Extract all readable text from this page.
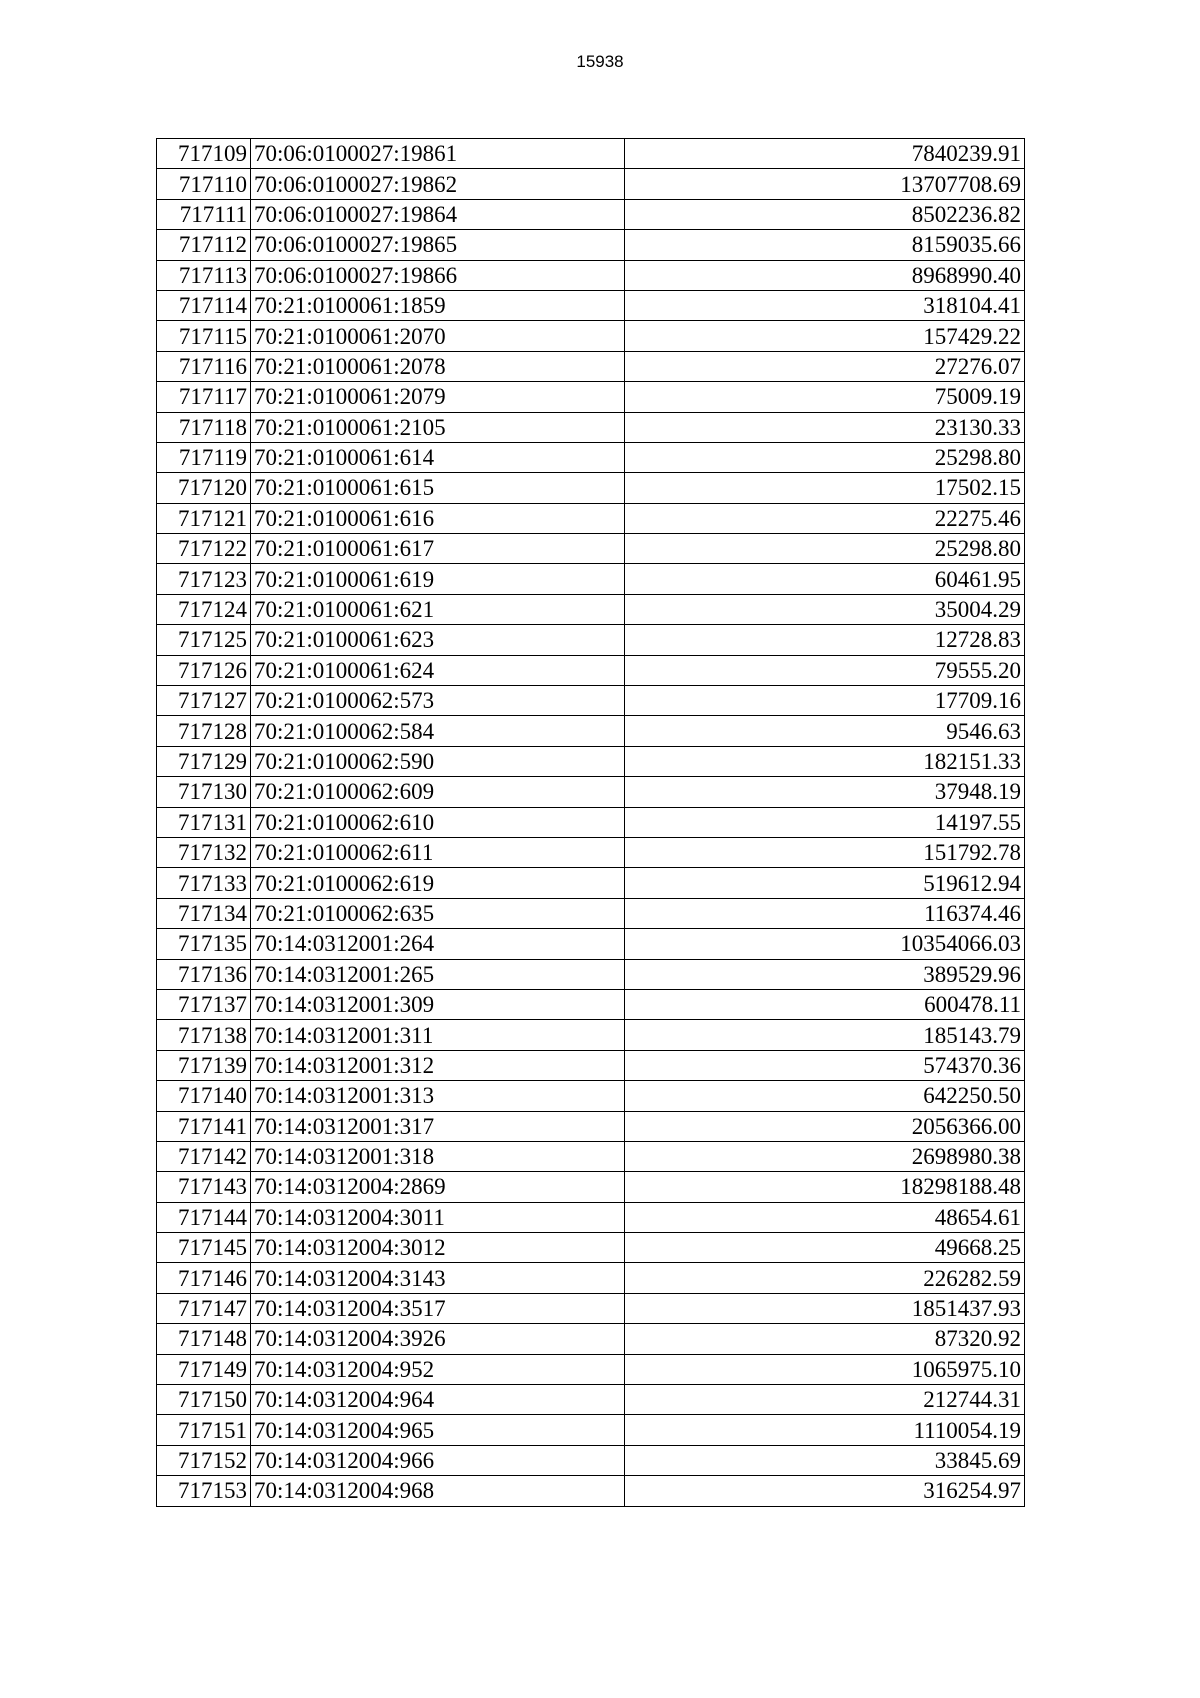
15938
717109	70:06:0100027:19861	7840239.91
717110	70:06:0100027:19862	13707708.69
717111	70:06:0100027:19864	8502236.82
717112	70:06:0100027:19865	8159035.66
717113	70:06:0100027:19866	8968990.40
717114	70:21:0100061:1859	318104.41
717115	70:21:0100061:2070	157429.22
717116	70:21:0100061:2078	27276.07
717117	70:21:0100061:2079	75009.19
717118	70:21:0100061:2105	23130.33
717119	70:21:0100061:614	25298.80
717120	70:21:0100061:615	17502.15
717121	70:21:0100061:616	22275.46
717122	70:21:0100061:617	25298.80
717123	70:21:0100061:619	60461.95
717124	70:21:0100061:621	35004.29
717125	70:21:0100061:623	12728.83
717126	70:21:0100061:624	79555.20
717127	70:21:0100062:573	17709.16
717128	70:21:0100062:584	9546.63
717129	70:21:0100062:590	182151.33
717130	70:21:0100062:609	37948.19
717131	70:21:0100062:610	14197.55
717132	70:21:0100062:611	151792.78
717133	70:21:0100062:619	519612.94
717134	70:21:0100062:635	116374.46
717135	70:14:0312001:264	10354066.03
717136	70:14:0312001:265	389529.96
717137	70:14:0312001:309	600478.11
717138	70:14:0312001:311	185143.79
717139	70:14:0312001:312	574370.36
717140	70:14:0312001:313	642250.50
717141	70:14:0312001:317	2056366.00
717142	70:14:0312001:318	2698980.38
717143	70:14:0312004:2869	18298188.48
717144	70:14:0312004:3011	48654.61
717145	70:14:0312004:3012	49668.25
717146	70:14:0312004:3143	226282.59
717147	70:14:0312004:3517	1851437.93
717148	70:14:0312004:3926	87320.92
717149	70:14:0312004:952	1065975.10
717150	70:14:0312004:964	212744.31
717151	70:14:0312004:965	1110054.19
717152	70:14:0312004:966	33845.69
717153	70:14:0312004:968	316254.97
